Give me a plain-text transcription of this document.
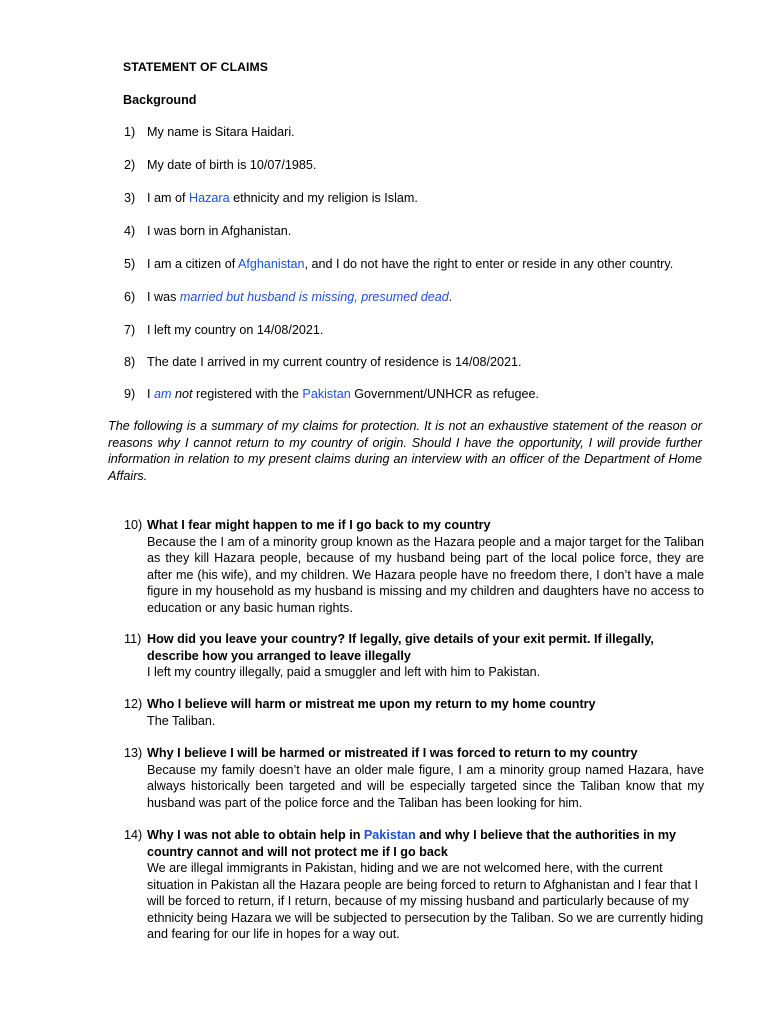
STATEMENT OF CLAIMS

Background

1) My name is Sitara Haidari.
2) My date of birth is 10/07/1985.
3) I am of Hazara ethnicity and my religion is Islam.
4) I was born in Afghanistan.
5) I am a citizen of Afghanistan, and I do not have the right to enter or reside in any other country.
6) I was married but husband is missing, presumed dead.
7) I left my country on 14/08/2021.
8) The date I arrived in my current country of residence is 14/08/2021.
9) I am not registered with the Pakistan Government/UNHCR as refugee.

The following is a summary of my claims for protection. It is not an exhaustive statement of the reason or reasons why I cannot return to my country of origin. Should I have the opportunity, I will provide further information in relation to my present claims during an interview with an officer of the Department of Home Affairs.

10) What I fear might happen to me if I go back to my country
Because the I am of a minority group known as the Hazara people and a major target for the Taliban as they kill Hazara people, because of my husband being part of the local police force, they are after me (his wife), and my children. We Hazara people have no freedom there, I don’t have a male figure in my household as my husband is missing and my children and daughters have no access to education or any basic human rights.
11) How did you leave your country? If legally, give details of your exit permit. If illegally, describe how you arranged to leave illegally
I left my country illegally, paid a smuggler and left with him to Pakistan.
12) Who I believe will harm or mistreat me upon my return to my home country
The Taliban.
13) Why I believe I will be harmed or mistreated if I was forced to return to my country
Because my family doesn’t have an older male figure, I am a minority group named Hazara, have always historically been targeted and will be especially targeted since the Taliban know that my husband was part of the police force and the Taliban has been looking for him.
14) Why I was not able to obtain help in Pakistan and why I believe that the authorities in my country cannot and will not protect me if I go back
We are illegal immigrants in Pakistan, hiding and we are not welcomed here, with the current situation in Pakistan all the Hazara people are being forced to return to Afghanistan and I fear that I will be forced to return, if I return, because of my missing husband and particularly because of my ethnicity being Hazara we will be subjected to persecution by the Taliban. So we are currently hiding and fearing for our life in hopes for a way out.
